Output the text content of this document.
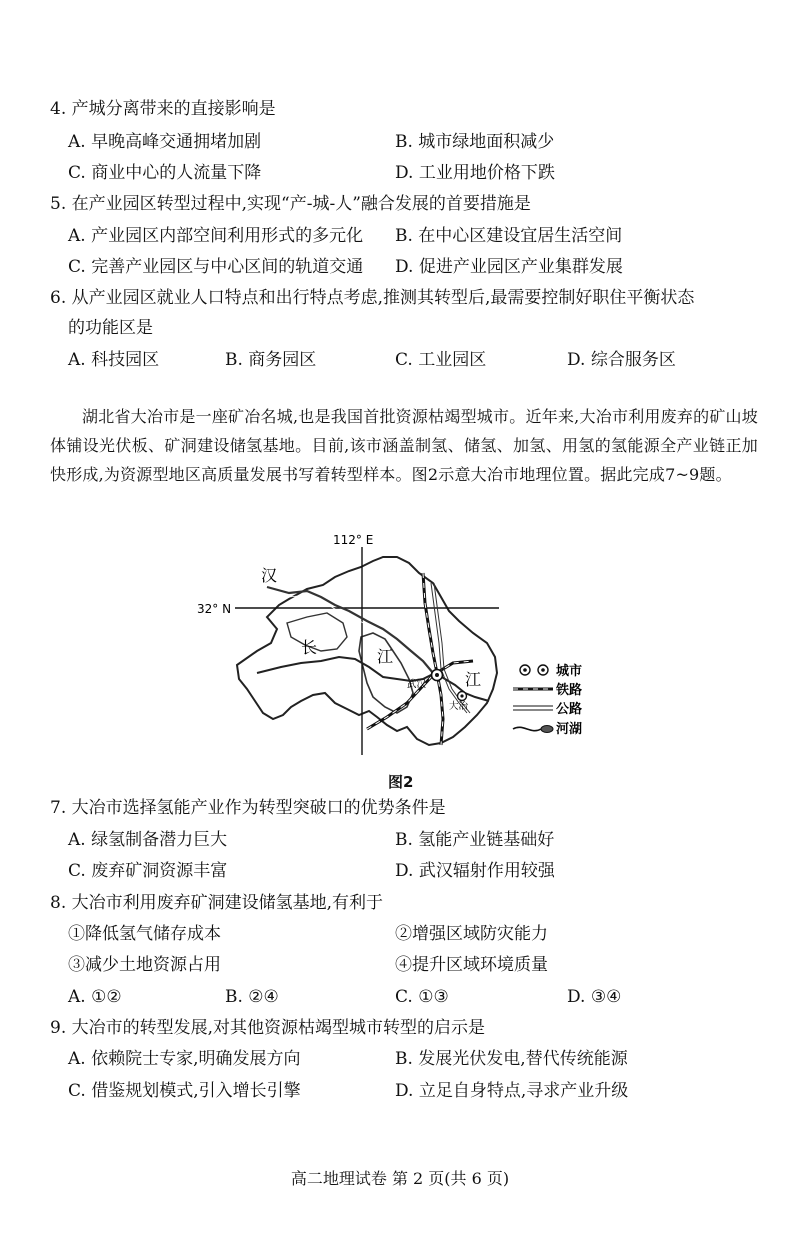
4. 产城分离带来的直接影响是
A. 早晚高峰交通拥堵加剧	B. 城市绿地面积减少
C. 商业中心的人流量下降	D. 工业用地价格下跌
5. 在产业园区转型过程中,实现“产-城-人”融合发展的首要措施是
A. 产业园区内部空间利用形式的多元化 B. 在中心区建设宜居生活空间
C. 完善产业园区与中心区间的轨道交通 D. 促进产业园区产业集群发展
6. 从产业园区就业人口特点和出行特点考虑,推测其转型后,最需要控制好职住平衡状态
的功能区是
A. 科技园区	B. 商务园区	C. 工业园区	D. 综合服务区

湖北省大冶市是一座矿冶名城,也是我国首批资源枯竭型城市。近年来,大冶市利用废弃的矿山坡体铺设光伏板、矿洞建设储氢基地。目前,该市涵盖制氢、储氢、加氢、用氢的氢能源全产业链正加快形成,为资源型地区高质量发展书写着转型样本。图2示意大冶市地理位置。据此完成7~9题。

112° E
32° N
武汉
大冶
汉
长	江
江	城市
铁路
公路
河湖
图2
7. 大冶市选择氢能产业作为转型突破口的优势条件是
A. 绿氢制备潜力巨大	B. 氢能产业链基础好
C. 废弃矿洞资源丰富	D. 武汉辐射作用较强
8. 大冶市利用废弃矿洞建设储氢基地,有利于
①降低氢气储存成本	②增强区域防灾能力
③减少土地资源占用	④提升区域环境质量
A. ①②	B. ②④	C. ①③	D. ③④
9. 大冶市的转型发展,对其他资源枯竭型城市转型的启示是
A. 依赖院士专家,明确发展方向	B. 发展光伏发电,替代传统能源
C. 借鉴规划模式,引入增长引擎	D. 立足自身特点,寻求产业升级
高二地理试卷 第 2 页(共 6 页)
